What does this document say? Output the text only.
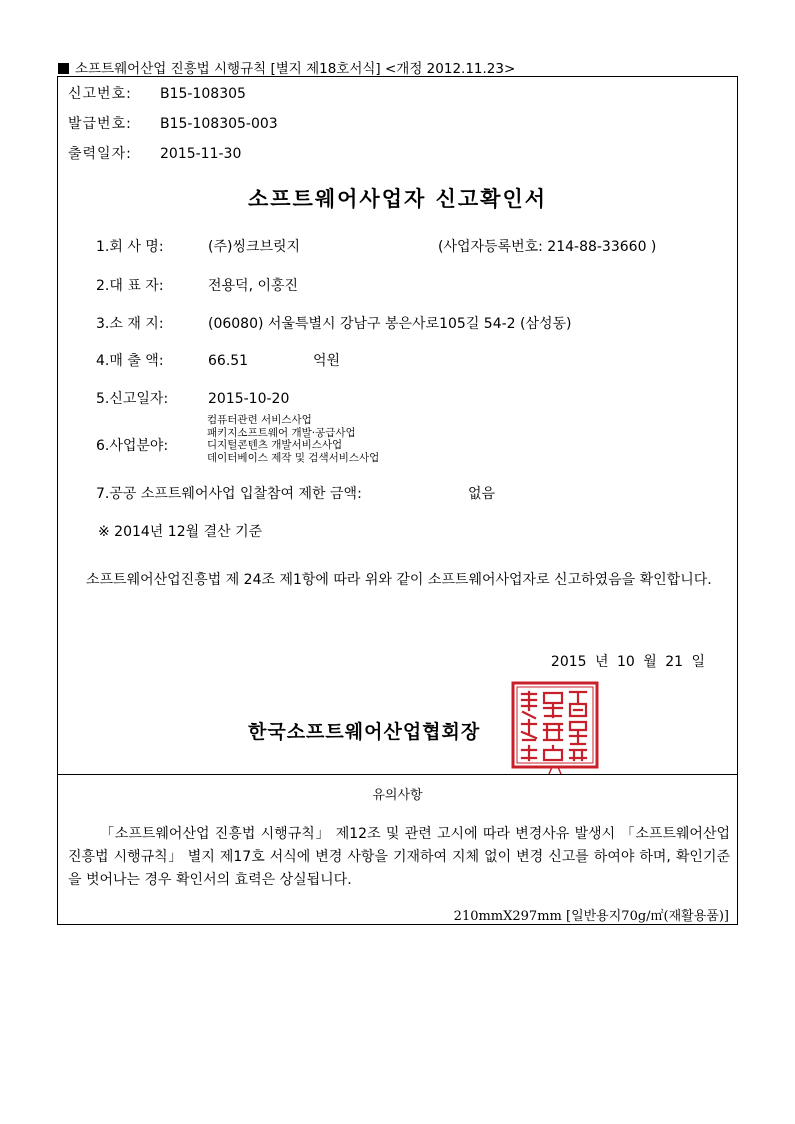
소프트웨어산업 진흥법 시행규칙 [별지 제18호서식] <개정 2012.11.23>
신고번호: B15-108305
발급번호: B15-108305-003
출력일자: 2015-11-30
소프트웨어사업자 신고확인서
1.회 사 명:	(주)씽크브릿지	(사업자등록번호: 214-88-33660 )
2.대 표 자:	전용덕, 이홍진
3.소 재 지:	(06080) 서울특별시 강남구 봉은사로105길 54-2 (삼성동)
4.매 출 액:	66.51	억원
5.신고일자:	2015-10-20
6.사업분야:
컴퓨터관련 서비스사업
패키지소프트웨어 개발·공급사업
디지털콘텐츠 개발서비스사업
데이터베이스 제작 및 검색서비스사업
7.공공 소프트웨어사업 입찰참여 제한 금액:	없음
※ 2014년 12월 결산 기준
소프트웨어산업진흥법 제 24조 제1항에 따라 위와 같이 소프트웨어사업자로 신고하였음을 확인합니다.
2015 년 10 월 21 일
한국소프트웨어산업협회장
유의사항
「소프트웨어산업 진흥법 시행규칙」 제12조 및 관련 고시에 따라 변경사유 발생시 「소프트웨어산업 진흥법 시행규칙」 별지 제17호 서식에 변경 사항을 기재하여 지체 없이 변경 신고를 하여야 하며, 확인기준을 벗어나는 경우 확인서의 효력은 상실됩니다.
210mmX297mm [일반용지70g/㎡(재활용품)]
